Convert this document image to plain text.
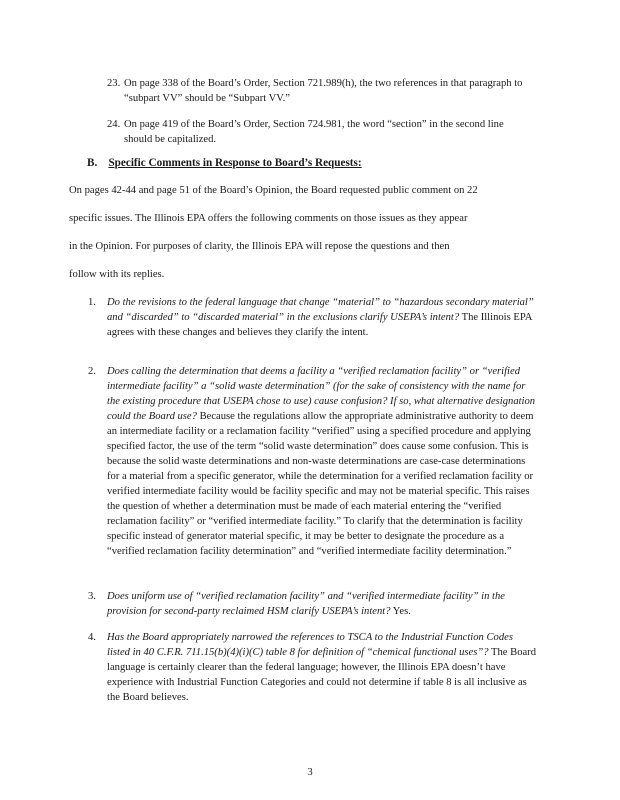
23. On page 338 of the Board’s Order, Section 721.989(h), the two references in that paragraph to “subpart VV” should be “Subpart VV.”
24. On page 419 of the Board’s Order, Section 724.981, the word “section” in the second line should be capitalized.
B. Specific Comments in Response to Board’s Requests:
On pages 42-44 and page 51 of the Board’s Opinion, the Board requested public comment on 22
specific issues. The Illinois EPA offers the following comments on those issues as they appear
in the Opinion. For purposes of clarity, the Illinois EPA will repose the questions and then
follow with its replies.
1. Do the revisions to the federal language that change “material” to “hazardous secondary material” and “discarded” to “discarded material” in the exclusions clarify USEPA’s intent? The Illinois EPA agrees with these changes and believes they clarify the intent.
2. Does calling the determination that deems a facility a “verified reclamation facility” or “verified intermediate facility” a “solid waste determination” (for the sake of consistency with the name for the existing procedure that USEPA chose to use) cause confusion? If so, what alternative designation could the Board use? Because the regulations allow the appropriate administrative authority to deem an intermediate facility or a reclamation facility “verified” using a specified procedure and applying specified factor, the use of the term “solid waste determination” does cause some confusion. This is because the solid waste determinations and non-waste determinations are case-case determinations for a material from a specific generator, while the determination for a verified reclamation facility or verified intermediate facility would be facility specific and may not be material specific. This raises the question of whether a determination must be made of each material entering the “verified reclamation facility” or “verified intermediate facility.” To clarify that the determination is facility specific instead of generator material specific, it may be better to designate the procedure as a “verified reclamation facility determination” and “verified intermediate facility determination.”
3. Does uniform use of “verified reclamation facility” and “verified intermediate facility” in the provision for second-party reclaimed HSM clarify USEPA’s intent? Yes.
4. Has the Board appropriately narrowed the references to TSCA to the Industrial Function Codes listed in 40 C.F.R. 711.15(b)(4)(i)(C) table 8 for definition of “chemical functional uses”? The Board language is certainly clearer than the federal language; however, the Illinois EPA doesn’t have experience with Industrial Function Categories and could not determine if table 8 is all inclusive as the Board believes.
3
